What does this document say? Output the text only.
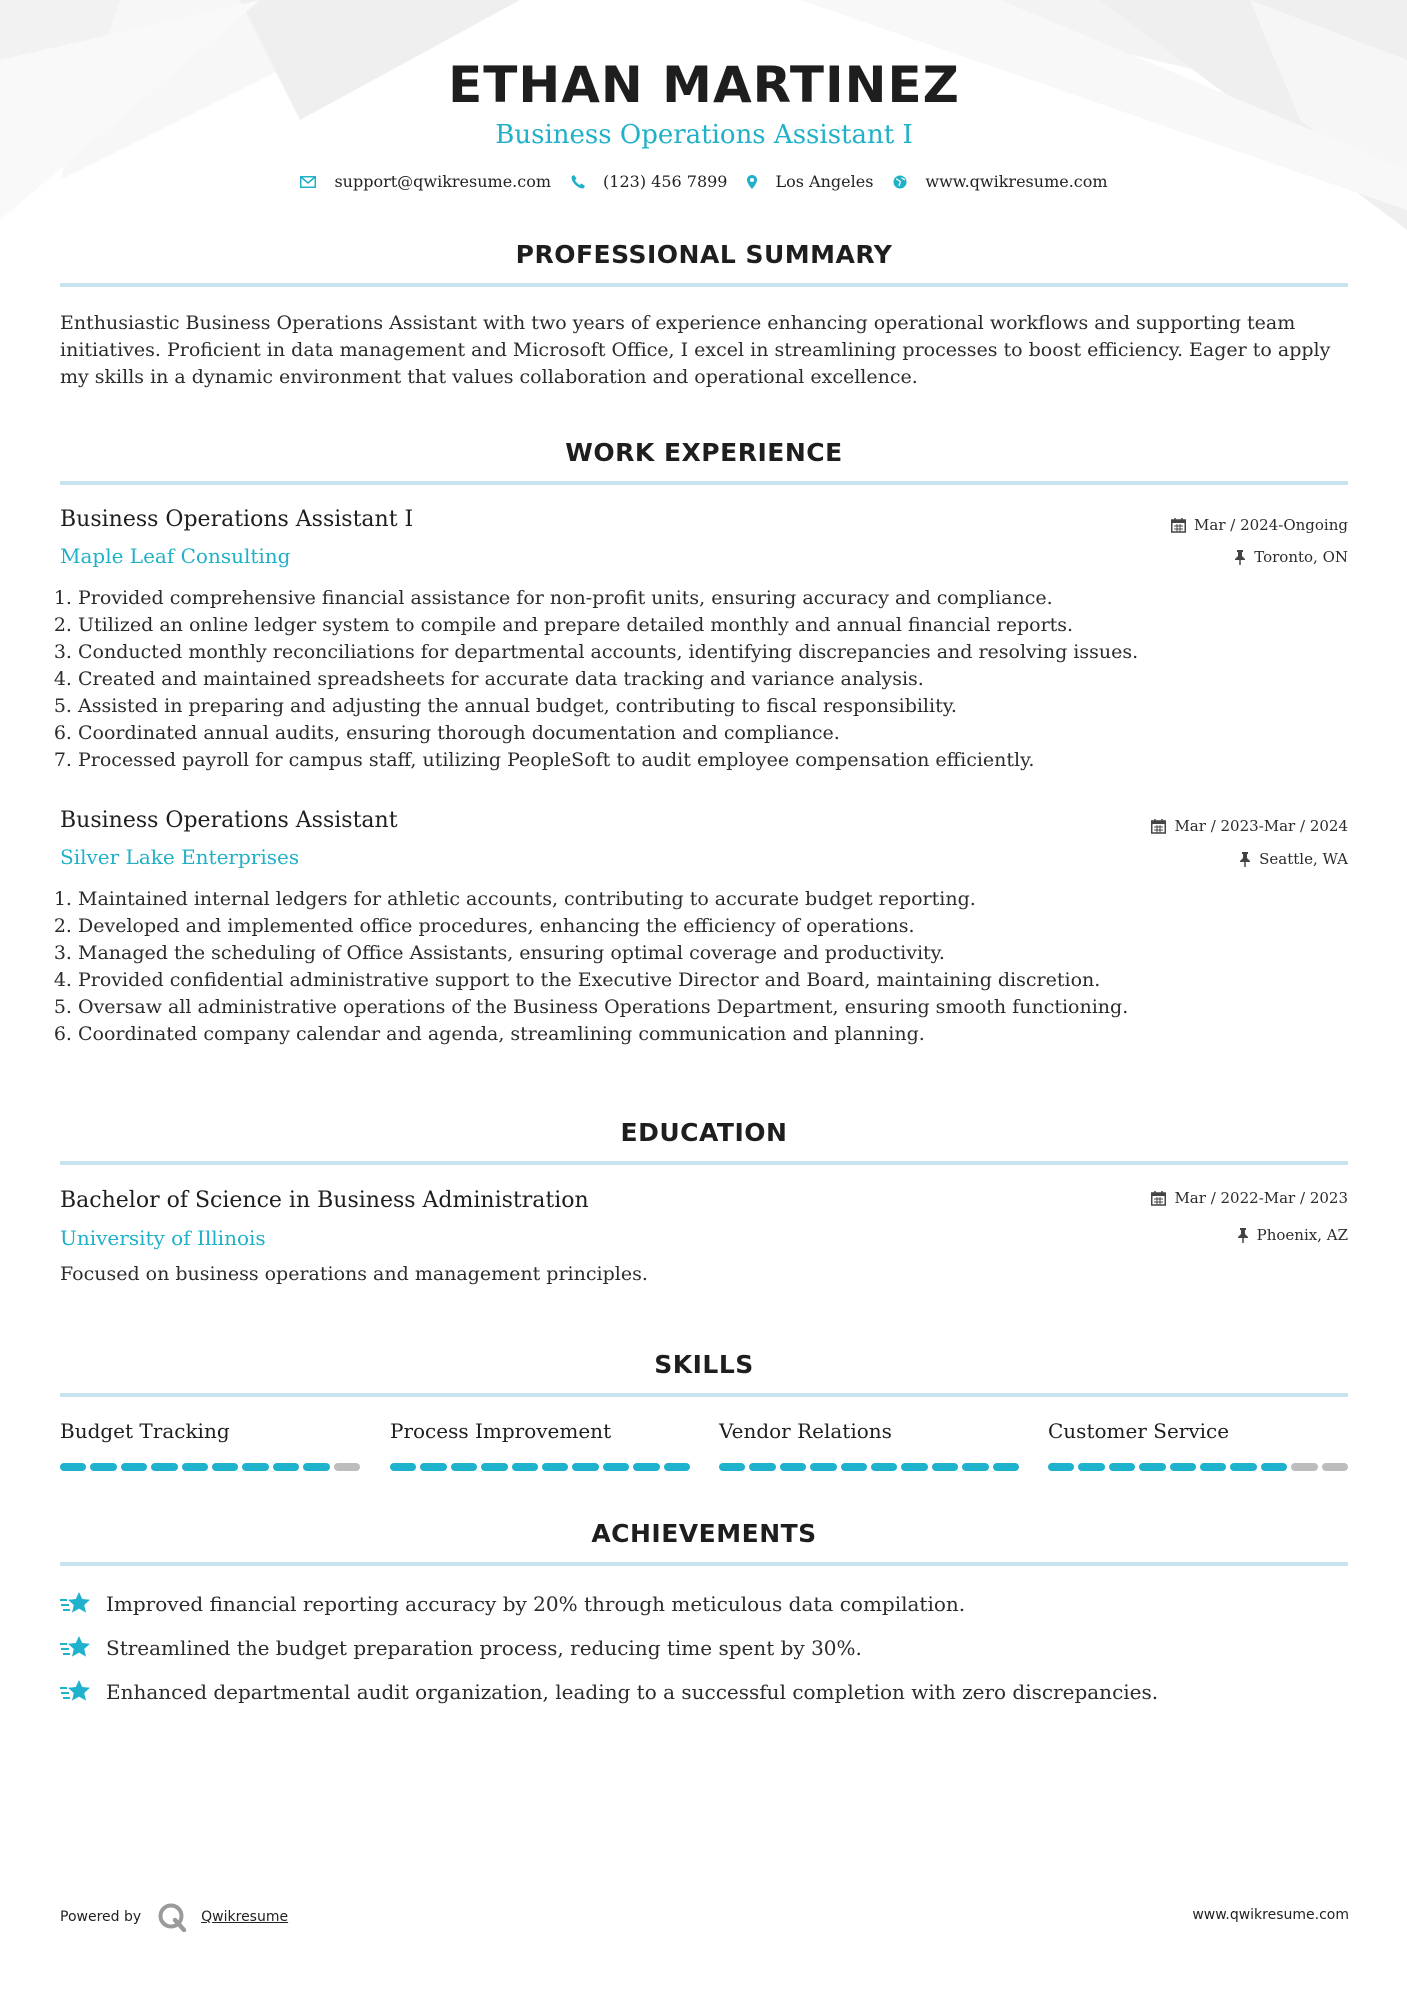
ETHAN MARTINEZ
Business Operations Assistant I
support@qwikresume.com	(123) 456 7899	Los Angeles	www.qwikresume.com
PROFESSIONAL SUMMARY
Enthusiastic Business Operations Assistant with two years of experience enhancing operational workflows and supporting team initiatives. Proficient in data management and Microsoft Office, I excel in streamlining processes to boost efficiency. Eager to apply my skills in a dynamic environment that values collaboration and operational excellence.
WORK EXPERIENCE
Business Operations Assistant I
Maple Leaf Consulting
Mar / 2024-Ongoing
Toronto, ON
1. Provided comprehensive financial assistance for non-profit units, ensuring accuracy and compliance.
2. Utilized an online ledger system to compile and prepare detailed monthly and annual financial reports.
3. Conducted monthly reconciliations for departmental accounts, identifying discrepancies and resolving issues.
4. Created and maintained spreadsheets for accurate data tracking and variance analysis.
5. Assisted in preparing and adjusting the annual budget, contributing to fiscal responsibility.
6. Coordinated annual audits, ensuring thorough documentation and compliance.
7. Processed payroll for campus staff, utilizing PeopleSoft to audit employee compensation efficiently.
Business Operations Assistant
Silver Lake Enterprises
Mar / 2023-Mar / 2024
Seattle, WA
1. Maintained internal ledgers for athletic accounts, contributing to accurate budget reporting.
2. Developed and implemented office procedures, enhancing the efficiency of operations.
3. Managed the scheduling of Office Assistants, ensuring optimal coverage and productivity.
4. Provided confidential administrative support to the Executive Director and Board, maintaining discretion.
5. Oversaw all administrative operations of the Business Operations Department, ensuring smooth functioning.
6. Coordinated company calendar and agenda, streamlining communication and planning.
EDUCATION
Bachelor of Science in Business Administration
University of Illinois
Mar / 2022-Mar / 2023
Phoenix, AZ
Focused on business operations and management principles.
SKILLS
Budget Tracking	Process Improvement	Vendor Relations	Customer Service
ACHIEVEMENTS
Improved financial reporting accuracy by 20% through meticulous data compilation.
Streamlined the budget preparation process, reducing time spent by 30%.
Enhanced departmental audit organization, leading to a successful completion with zero discrepancies.
Powered by	Qwikresume	www.qwikresume.com
